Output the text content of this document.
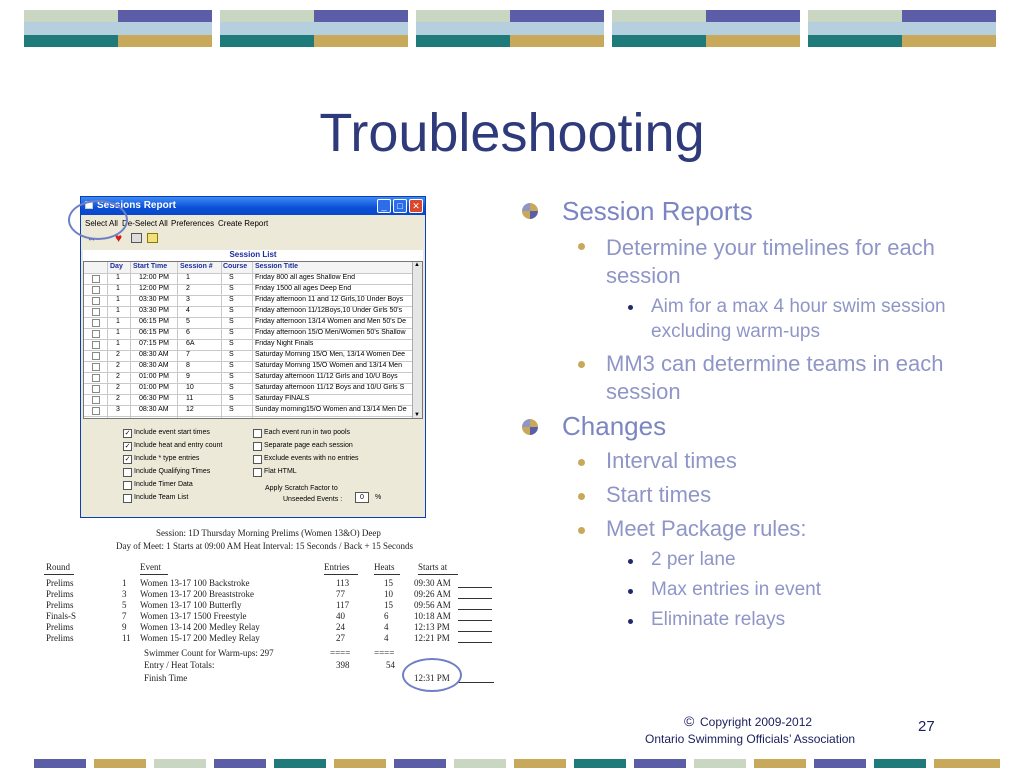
Troubleshooting
Sessions Report	_	□	✕
Select All De-Select All Preferences Create Report
↔ ♥
Session List
Day Start Time Session # Course Session Title
1	12:00 PM 1	S	Friday 800 all ages Shallow End
1	12:00 PM 2	S	Friday 1500 all ages Deep End
1	03:30 PM 3	S	Friday afternoon 11 and 12 Girls,10 Under Boys
1	03:30 PM 4	S	Friday afternoon 11/12Boys,10 Under Girls 50's
1	06:15 PM 5	S	Friday afternoon 13/14 Women and Men 50's De
1	06:15 PM 6	S	Friday afternoon 15/O Men/Women 50's Shallow
1	07:15 PM 6A	S	Friday Night Finals
2	08:30 AM 7	S	Saturday Morning 15/O Men, 13/14 Women Dee
2	08:30 AM 8	S	Saturday Morning 15/O Women and 13/14 Men
2	01:00 PM 9	S	Saturday afternoon 11/12 Girls and 10/U Boys
2	01:00 PM 10	S	Saturday afternoon 11/12 Boys and 10/U Girls S
2	06:30 PM 11	S	Saturday FINALS
3	08:30 AM 12	S	Sunday morning15/O Women and 13/14 Men De
▲
▼
✓ Include event start times
✓ Include heat and entry count
✓ Include * type entries
Include Qualifying Times
Include Timer Data
Include Team List
Each event run in two pools
Separate page each session
Exclude events with no entries
Flat HTML
Apply Scratch Factor to
Unseeded Events :	0	%
Session: 1D Thursday Morning Prelims (Women 13&O) Deep
Day of Meet: 1 Starts at 09:00 AM Heat Interval: 15 Seconds / Back + 15 Seconds
Round	Event	Entries	Heats	Starts at
Prelims	1 Women 13-17 100 Backstroke	113	15 09:30 AM
Prelims	3 Women 13-17 200 Breaststroke	77	10 09:26 AM
Prelims	5 Women 13-17 100 Butterfly	117	15 09:56 AM
Finals-S	7 Women 13-17 1500 Freestyle	40	6	10:18 AM
Prelims	9 Women 13-14 200 Medley Relay	24	4	12:13 PM
Prelims	11 Women 15-17 200 Medley Relay	27	4	12:21 PM
Swimmer Count for Warm-ups: 297	====	====
Entry / Heat Totals:	398	54
Finish Time	12:31 PM
Session Reports
Determine your timelines for each session
Aim for a max 4 hour swim session excluding warm-ups
MM3 can determine teams in each session
Changes
Interval times
Start times
Meet Package rules:
2 per lane
Max entries in event
Eliminate relays
© Copyright 2009-2012
Ontario Swimming Officials’ Association
27
